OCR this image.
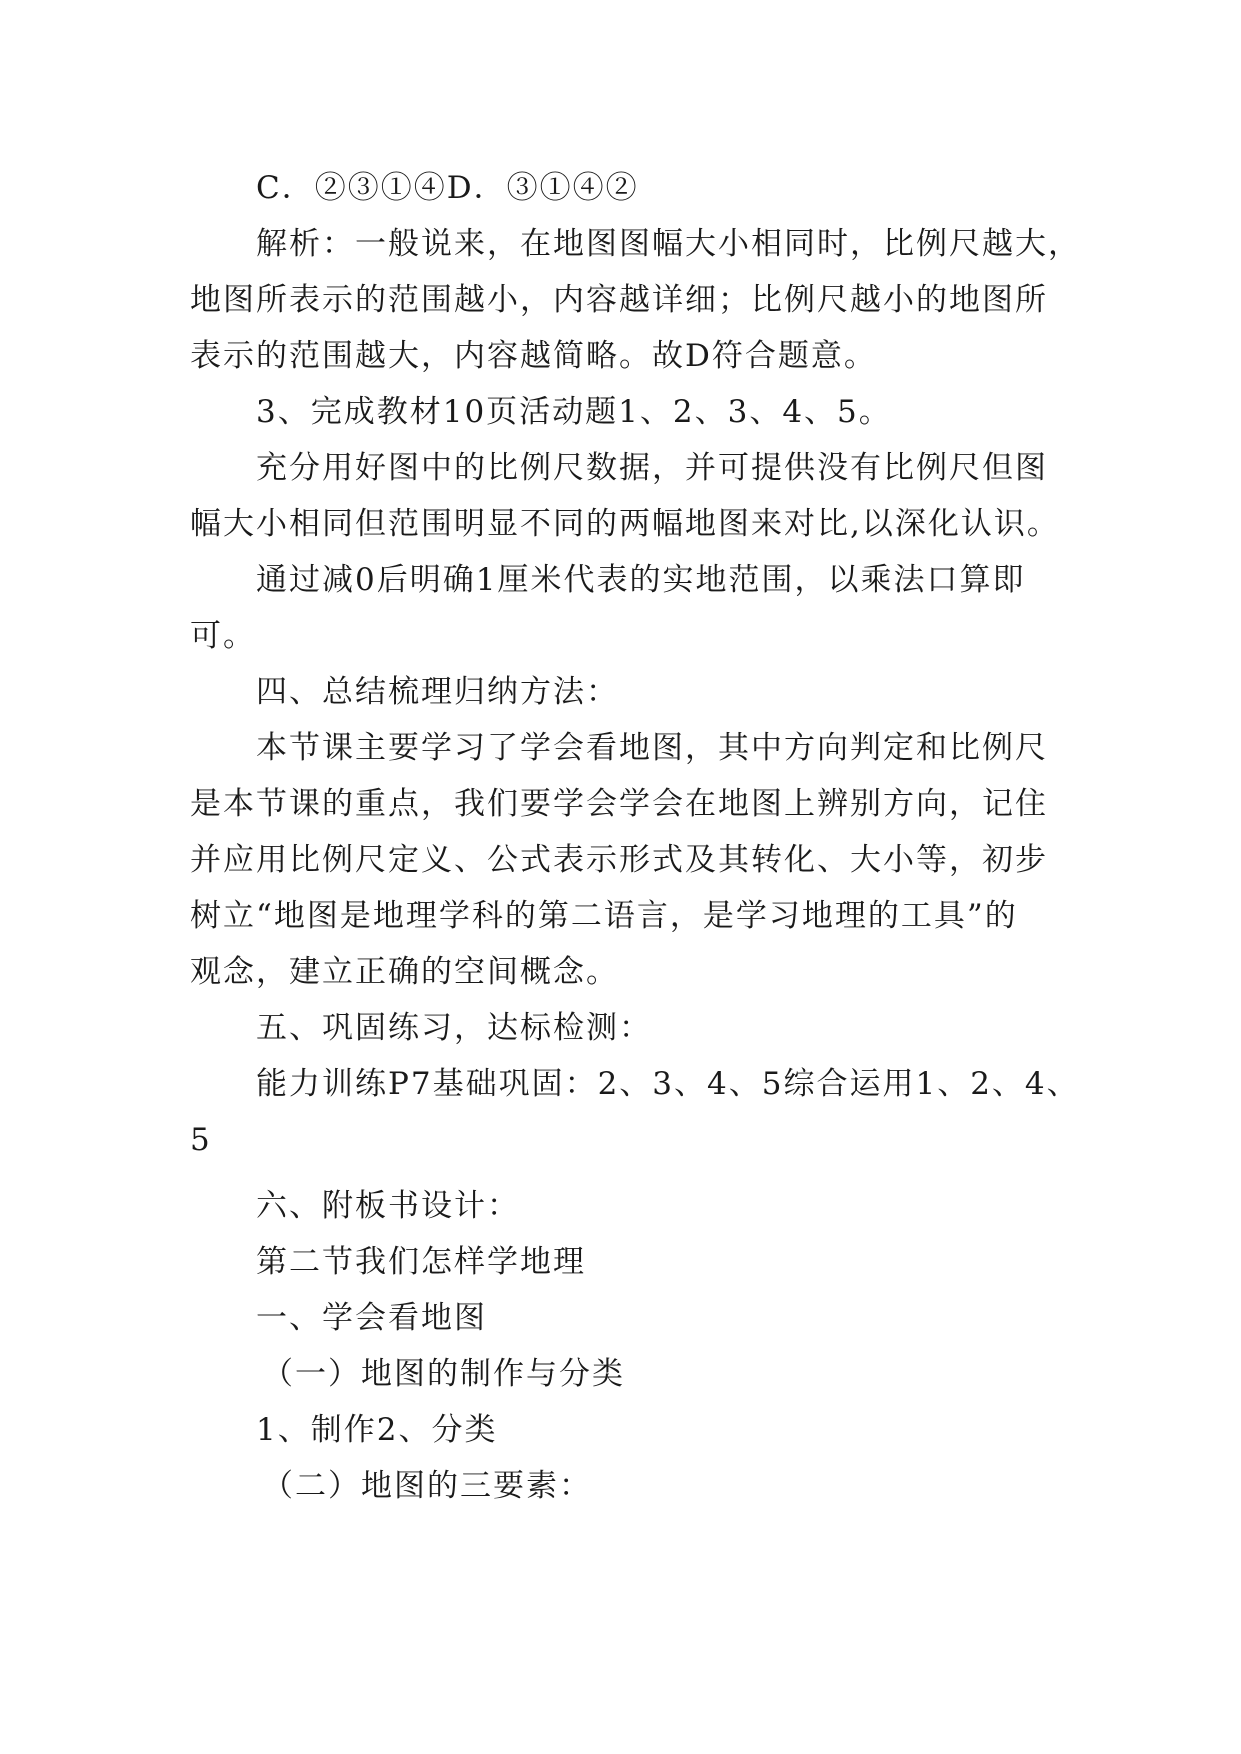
C．②③①④D．③①④②
解析：一般说来，在地图图幅大小相同时，比例尺越大，
地图所表示的范围越小，内容越详细；比例尺越小的地图所
表示的范围越大，内容越简略。故D符合题意。
3、完成教材10页活动题1、2、3、4、5。
充分用好图中的比例尺数据，并可提供没有比例尺但图
幅大小相同但范围明显不同的两幅地图来对比,以深化认识。
通过减0后明确1厘米代表的实地范围，以乘法口算即
可。
四、总结梳理归纳方法：
本节课主要学习了学会看地图，其中方向判定和比例尺
是本节课的重点，我们要学会学会在地图上辨别方向，记住
并应用比例尺定义、公式表示形式及其转化、大小等，初步
树立“地图是地理学科的第二语言，是学习地理的工具”的
观念，建立正确的空间概念。
五、巩固练习，达标检测：
能力训练P7基础巩固：2、3、4、5综合运用1、2、4、
5
六、附板书设计：
第二节我们怎样学地理
一、学会看地图
（一）地图的制作与分类
1、制作2、分类
（二）地图的三要素：
